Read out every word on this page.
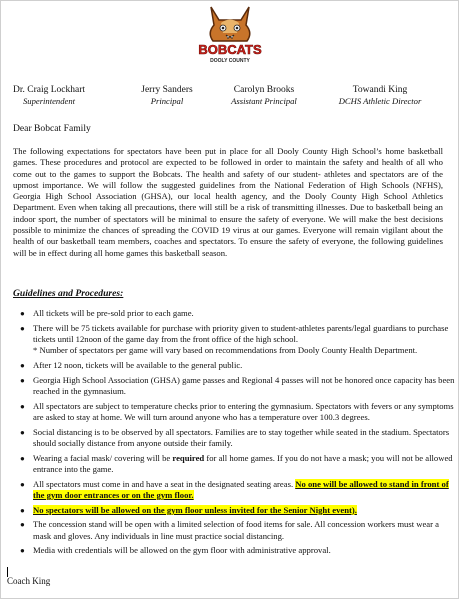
BOBCATS
DOOLY COUNTY
Dr. Craig Lockhart
Superintendent
Jerry Sanders
Principal
Carolyn Brooks
Assistant Principal
Towandi King
DCHS Athletic Director
Dear Bobcat Family
The following expectations for spectators have been put in place for all Dooly County High School’s home basketball games. These procedures and protocol are expected to be followed in order to maintain the safety and health of all who come out to the games to support the Bobcats. The health and safety of our student- athletes and spectators are of the upmost importance. We will follow the suggested guidelines from the National Federation of High Schools (NFHS), Georgia High School Association (GHSA), our local health agency, and the Dooly County High School Athletics Department. Even when taking all precautions, there will still be a risk of transmitting illnesses. Due to basketball being an indoor sport, the number of spectators will be minimal to ensure the safety of everyone. We will make the best decisions possible to minimize the chances of spreading the COVID 19 virus at our games. Everyone will remain vigilant about the health of our basketball team members, coaches and spectators. To ensure the safety of everyone, the following guidelines will be in effect during all home games this basketball season.
Guidelines and Procedures:
● All tickets will be pre-sold prior to each game.
● There will be 75 tickets available for purchase with priority given to student-athletes parents/legal guardians to purchase tickets until 12noon of the game day from the front office of the high school.
* Number of spectators per game will vary based on recommendations from Dooly County Health Department.
● After 12 noon, tickets will be available to the general public.
● Georgia High School Association (GHSA) game passes and Regional 4 passes will not be honored once capacity has been reached in the gymnasium.
● All spectators are subject to temperature checks prior to entering the gymnasium. Spectators with fevers or any symptoms are asked to stay at home. We will turn around anyone who has a temperature over 100.3 degrees.
● Social distancing is to be observed by all spectators. Families are to stay together while seated in the stadium. Spectators should socially distance from anyone outside their family.
● Wearing a facial mask/ covering will be required for all home games. If you do not have a mask; you will not be allowed entrance into the game.
● All spectators must come in and have a seat in the designated seating areas. No one will be allowed to stand in front of the gym door entrances or on the gym floor.
● No spectators will be allowed on the gym floor unless invited for the Senior Night event).
● The concession stand will be open with a limited selection of food items for sale. All concession workers must wear a mask and gloves. Any individuals in line must practice social distancing.
● Media with credentials will be allowed on the gym floor with administrative approval.
Coach King
